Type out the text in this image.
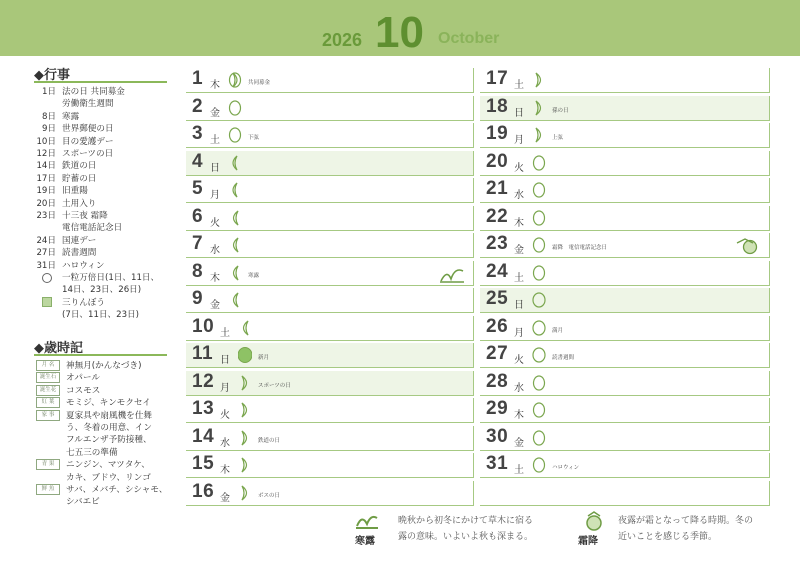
2026 10 October
◆行事
1日 法の日 共同募金
労働衛生週間
8日 寒露
9日 世界郵便の日
10日 目の愛護デー
12日 スポーツの日
14日 鉄道の日
17日 貯蓄の日
19日 旧重陽
20日 土用入り
23日 十三夜 霜降
電信電話記念日
24日 国連デー
27日 読書週間
31日 ハロウィン
一粒万倍日(1日、11日、
14日、23日、26日)
三りんぼう
(7日、11日、23日)
◆歳時記
月 名 神無月(かんなづき)
誕生石 オパール
誕生花 コスモス
紅 葉 モミジ、キンモクセイ
家 事 夏家具や扇風機を仕舞
う、冬着の用意、イン
フルエンザ予防接種、
七五三の準備
青 果 ニンジン、マツタケ、
カキ、ブドウ、リンゴ
鮮 魚 サバ、メバチ、シシャモ、
シバエビ
1 木	共同募金
2 金
3 土	下弦
4 日
5 月
6 火
7 水
8 木	寒露
9 金
10 土
11 日	新月
12 月	スポーツの日
13 火
14 水	鉄道の日
15 木
16 金	ボスの日
17 土
18 日	孫の日
19 月	上弦
20 火
21 水
22 木
23 金	霜降　電信電話記念日
24 土
25 日
26 月	満月
27 火	読書週間
28 水
29 木
30 金
31 土	ハロウィン
寒露
晩秋から初冬にかけて草木に宿る
露の意味。いよいよ秋も深まる。	霜降
夜露が霜となって降る時期。冬の
近いことを感じる季節。
